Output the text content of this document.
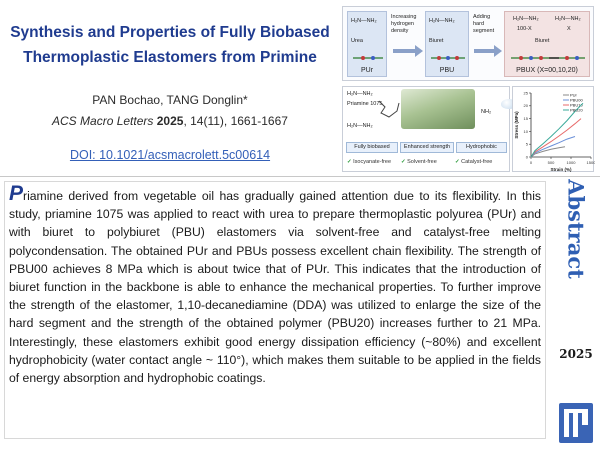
Synthesis and Properties of Fully Biobased
Thermoplastic Elastomers from Primine
PAN Bochao, TANG Donglin*
ACS Macro Letters 2025, 14(11), 1661-1667
DOI: 10.1021/acsmacrolett.5c00614
H₂N—NH₂
Urea
PUr
Increasing
hydrogen
density
H₂N—NH₂
Biuret
PBU
Adding
hard
segment
H₂N—NH₂	H₂N—NH₂
100-X	X
Biuret
PBUX (X=00,10,20)
H₂N—NH₂
Priamine 1075
H₂N—NH₂
NH₂
Fully biobased	Enhanced strength	Hydrophobic
✓ Isocyanate-free ✓ Solvent-free	✓ Catalyst-free	0	500	1000	1500
0
5
10
15
20
25
Strain (%)
Stress (MPa)
PUr
PBU00
PBU10
PBU20
Priamine derived from vegetable oil has gradually gained attention due to its flexibility. In this study, priamine 1075 was applied to react with urea to prepare thermoplastic polyurea (PUr) and with biuret to polybiuret (PBU) elastomers via solvent-free and catalyst-free melting polycondensation. The obtained PUr and PBUs possess excellent chain flexibility. The strength of PBU00 achieves 8 MPa which is about twice that of PUr. This indicates that the introduction of biuret function in the backbone is able to enhance the mechanical properties. To further improve the strength of the elastomer, 1,10-decanediamine (DDA) was utilized to enlarge the size of the hard segment and the strength of the obtained polymer (PBU20) increases further to 21 MPa. Interestingly, these elastomers exhibit good energy dissipation efficiency (~80%) and excellent hydrophobicity (water contact angle ~ 110°), which makes them suitable to be applied in the fields of energy absorption and hydrophobic coatings.
Abstract
2025
